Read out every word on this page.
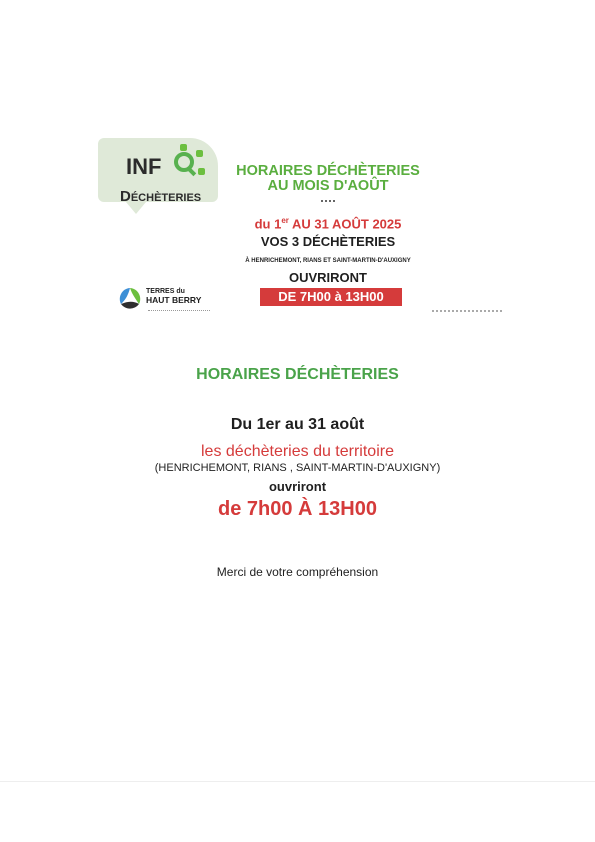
INF
DÉCHÈTERIES
HORAIRES DÉCHÈTERIES
AU MOIS D'AOÛT
du 1er AU 31 AOÛT 2025
VOS 3 DÉCHÈTERIES
À HENRICHEMONT, RIANS ET SAINT-MARTIN-D'AUXIGNY
OUVRIRONT
DE 7H00 à 13H00
TERRES du
HAUT BERRY
HORAIRES DÉCHÈTERIES
Du 1er au 31 août
les déchèteries du territoire
(HENRICHEMONT, RIANS , SAINT-MARTIN-D'AUXIGNY)
ouvriront
de 7h00 À 13H00
Merci de votre compréhension
